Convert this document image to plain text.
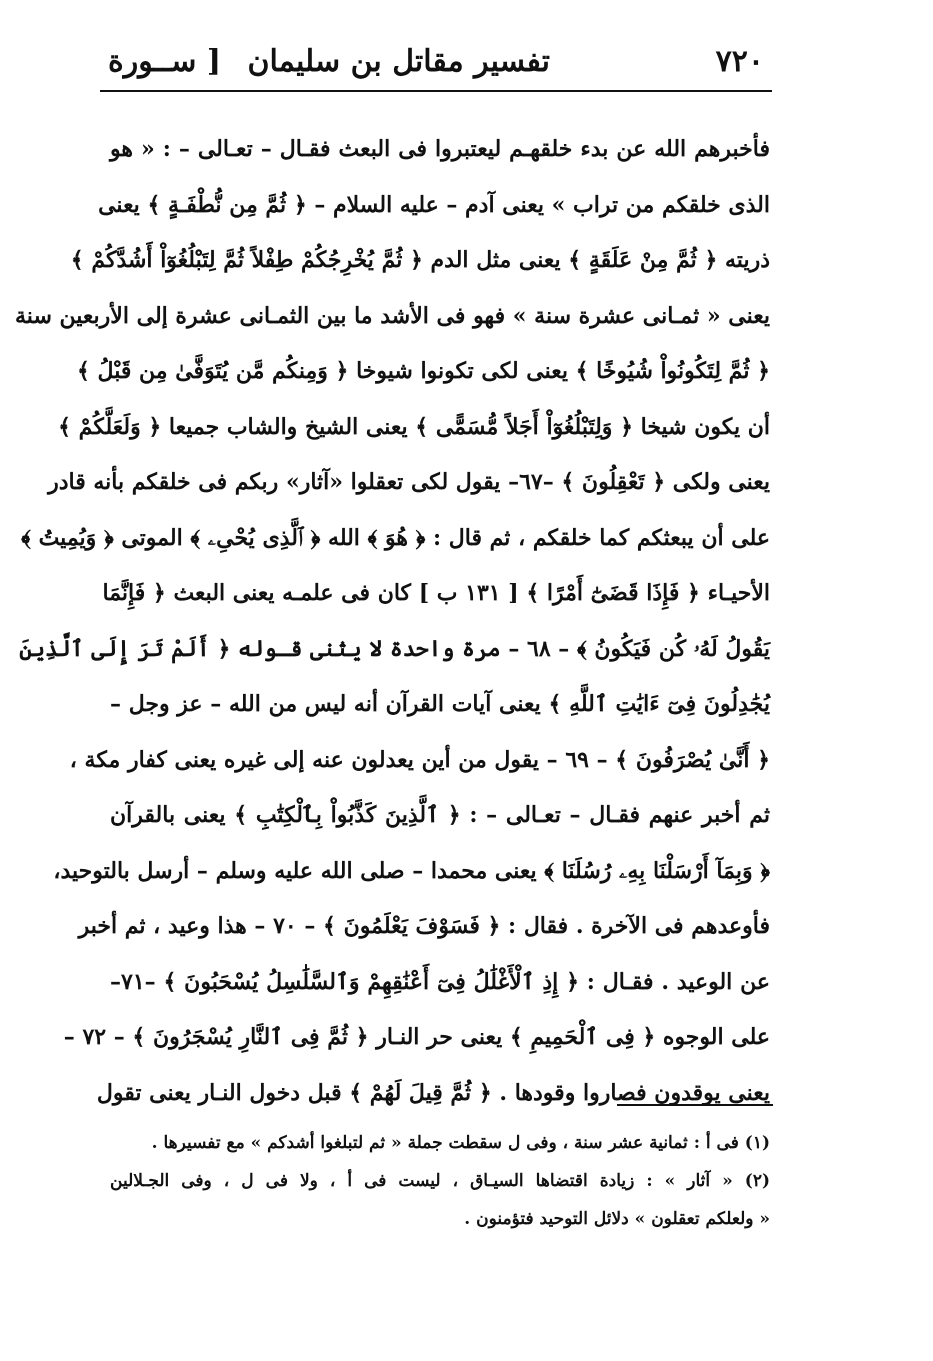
٧٢٠
تفسير مقاتل بن سليمان
[ ســورة
فأخبرهم الله عن بدء خلقهـم ليعتبروا فى البعث فقـال – تعـالى – : « هو
الذى خلقكم من تراب » يعنى آدم – عليه السلام – ﴿ ثُمَّ مِن نُّطْفَـةٍ ﴾ يعنى
ذريته ﴿ ثُمَّ مِنْ عَلَقَةٍ ﴾ يعنى مثل الدم ﴿ ثُمَّ يُخْرِجُكُمْ طِفْلاً ثُمَّ لِتَبْلُغُوٓاْ أَشُدَّكُمْ ﴾
يعنى « ثمـانى عشرة سنة » فهو فى الأشد ما بين الثمـانى عشرة إلى الأربعين سنة
﴿ ثُمَّ لِتَكُونُواْ شُيُوخًا ﴾ يعنى لكى تكونوا شيوخا ﴿ وَمِنكُم مَّن يُتَوَفَّىٰ مِن قَبْلُ ﴾
أن يكون شيخا ﴿ وَلِتَبْلُغُوٓاْ أَجَلاً مُّسَمًّى ﴾ يعنى الشيخ والشاب جميعا ﴿ وَلَعَلَّكُمْ ﴾
يعنى ولكى ﴿ تَعْقِلُونَ ﴾ –٦٧– يقول لكى تعقلوا «آثار» ربكم فى خلقكم بأنه قادر
على أن يبعثكم كما خلقكم ، ثم قال : ﴿ هُوَ ﴾ الله ﴿ ٱلَّذِى يُحْىِۦ ﴾ الموتى ﴿ وَيُمِيتُ ﴾
الأحيـاء ﴿ فَإِذَا قَضَىٰٓ أَمْرًا ﴾ [ ١٣١ ب ] كان فى علمـه يعنى البعث ﴿ فَإِنَّمَا
يَقُولُ لَهُۥ كُن فَيَكُونُ ﴾ – ٦٨ – مرة واحدة لا يثنى قـوله ﴿ أَلَمْ تَرَ إِلَى ٱلَّذِينَ
يُجَٰدِلُونَ فِىٓ ءَايَٰتِ ٱللَّهِ ﴾ يعنى آيات القرآن أنه ليس من الله – عز وجل –
﴿ أَنَّىٰ يُصْرَفُونَ ﴾ – ٦٩ – يقول من أين يعدلون عنه إلى غيره يعنى كفار مكة ،
ثم أخبر عنهم فقـال – تعـالى – : ﴿ ٱلَّذِينَ كَذَّبُواْ بِٱلْكِتَٰبِ ﴾ يعنى بالقرآن
﴿ وَبِمَآ أَرْسَلْنَا بِهِۦ رُسُلَنَا ﴾ يعنى محمدا – صلى الله عليه وسلم – أرسل بالتوحيد،
فأوعدهم فى الآخرة . فقال : ﴿ فَسَوْفَ يَعْلَمُونَ ﴾ – ٧٠ – هذا وعيد ، ثم أخبر
عن الوعيد . فقـال : ﴿ إِذِ ٱلْأَغْلَٰلُ فِىٓ أَعْنَٰقِهِمْ وَٱلسَّلَٰسِلُ يُسْحَبُونَ ﴾ –٧١–
على الوجوه ﴿ فِى ٱلْحَمِيمِ ﴾ يعنى حر النـار ﴿ ثُمَّ فِى ٱلنَّارِ يُسْجَرُونَ ﴾ – ٧٢ –
يعنى يوقدون فصاروا وقودها . ﴿ ثُمَّ قِيلَ لَهُمْ ﴾ قبل دخول النـار يعنى تقول
(١) فى أ : ثمانية عشر سنة ، وفى ل سقطت جملة « ثم لتبلغوا أشدكم » مع تفسيرها .
(٢) « آثار » : زيادة اقتضاها السيـاق ، ليست فى أ ، ولا فى ل ، وفى الجـلالين
« ولعلكم تعقلون » دلائل التوحيد فتؤمنون .
